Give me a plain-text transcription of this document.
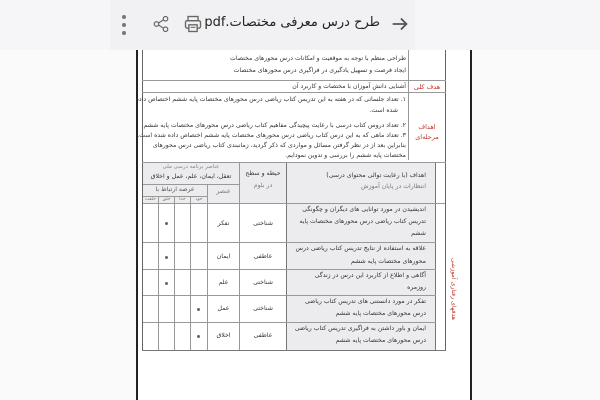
طرح درس معرفی مختصات.pdf
طراحی منظم با توجه به موقعیت و امکانات درس محورهای مختصات
ایجاد فرصت و تسهیل یادگیری در فراگیری درس محورهای مختصات
آشنایی دانش آموزان با مختصات و کاربرد آن	هدف کلی
۱. تعداد جلساتی که در هفته به این تدریس کتاب ریاضی درس محورهای مختصات پایه ششم اختصاص داده
شده است.
۲. تعداد دروس کتاب درسی با رعایت پیچیدگی مفاهیم کتاب ریاضی درس محورهای مختصات پایه ششم.
۳. تعداد ماهی که به این درس کتاب ریاضی درس محورهای مختصات پایه ششم اختصاص داده شده است.
بنابراین بعد از در نظر گرفتن مسائل و مواردی که ذکر گردید، زمانبندی کتاب ریاضی درس محورهای
مختصات پایه ششم را بررسی و تدوین نمودایم.
اهداف
مرحله‌ای
اهداف (با رعایت توالی محتوای درسی)
انتظارات در پایان آموزش
حیطه و سطح
در بلوم
عناصر برنامه درسی ملی
تعقل، ایمان، علم، عمل و اخلاق
عنصر
عرصه ارتباط با
خود
خدا
خلق
خلقت
هدفهای رفتاری آموزشی
اندیشیدن در مورد توانایی های دیگران و چگونگی
تدریس کتاب ریاضی درس محورهای مختصات پایه
ششم
شناختی
تفکر
علاقه به استفاده از نتایج تدریس کتاب ریاضی درس
محورهای مختصات پایه ششم
عاطفی
ایمان
آگاهی و اطلاع از کاربرد این درس در زندگی
روزمره
شناختی
علم
تفکر در مورد دانستنی های تدریس کتاب ریاضی
درس محورهای مختصات پایه ششم
شناختی
عمل
ایمان و باور داشتن به فراگیری تدریس کتاب ریاضی
درس محورهای مختصات پایه ششم
عاطفی
اخلاق
